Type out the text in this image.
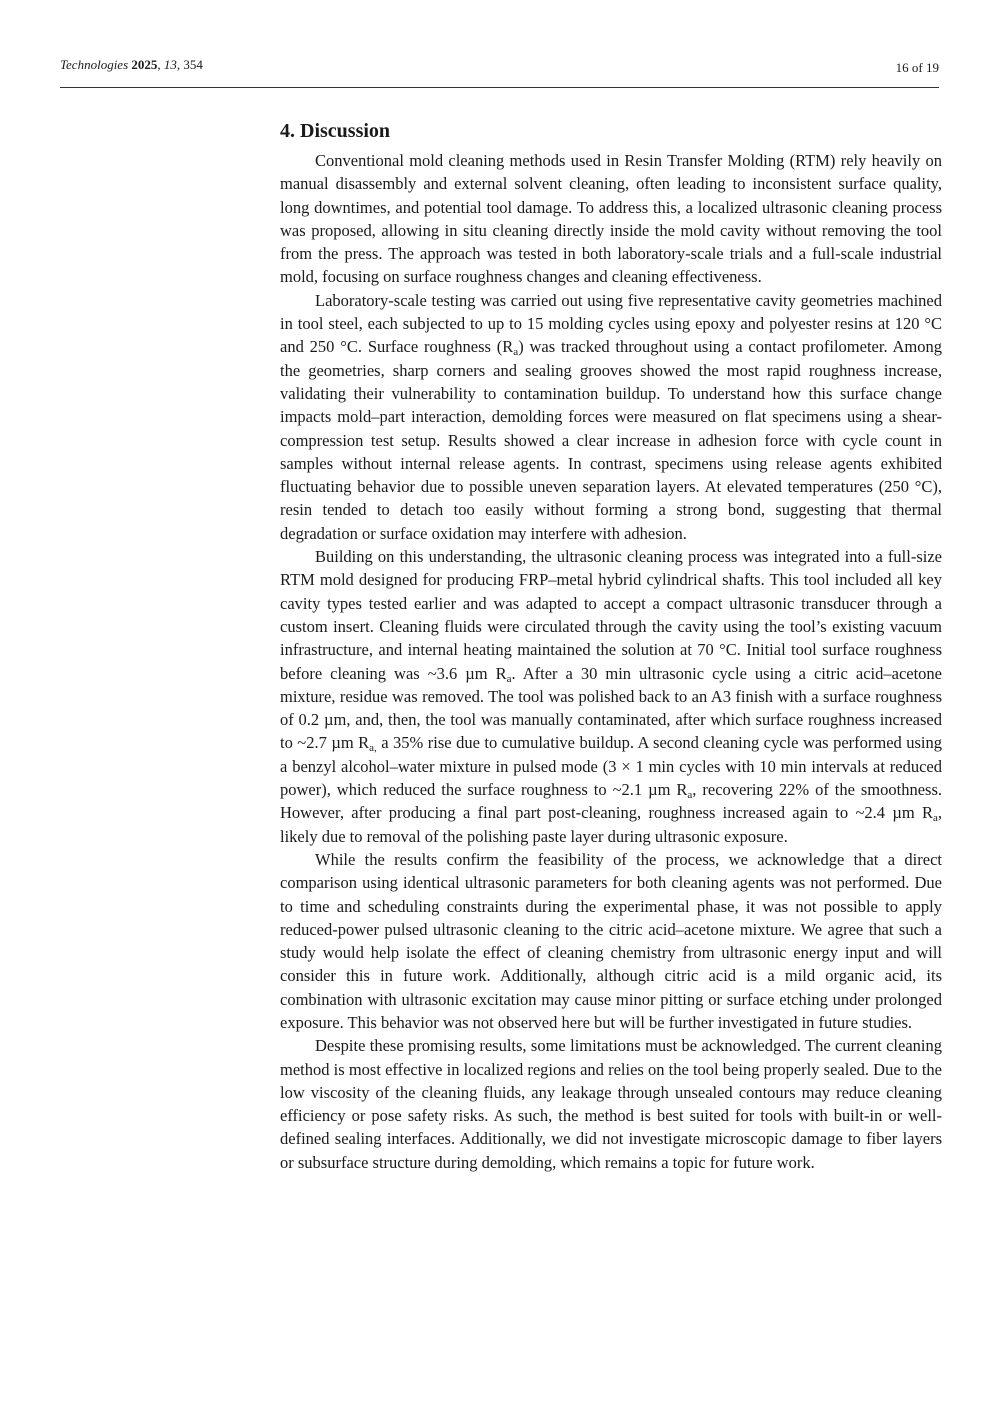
Technologies 2025, 13, 354	16 of 19
4. Discussion

Conventional mold cleaning methods used in Resin Transfer Molding (RTM) rely heavily on manual disassembly and external solvent cleaning, often leading to inconsistent surface quality, long downtimes, and potential tool damage. To address this, a localized ultrasonic cleaning process was proposed, allowing in situ cleaning directly inside the mold cavity without removing the tool from the press. The approach was tested in both laboratory-scale trials and a full-scale industrial mold, focusing on surface roughness changes and cleaning effectiveness.

Laboratory-scale testing was carried out using five representative cavity geometries machined in tool steel, each subjected to up to 15 molding cycles using epoxy and polyester resins at 120 °C and 250 °C. Surface roughness $(R_a)$ was tracked throughout using a contact profilometer. Among the geometries, sharp corners and sealing grooves showed the most rapid roughness increase, validating their vulnerability to contamination buildup. To understand how this surface change impacts mold–part interaction, demolding forces were measured on flat specimens using a shear-compression test setup. Results showed a clear increase in adhesion force with cycle count in samples without internal release agents. In contrast, specimens using release agents exhibited fluctuating behavior due to possible uneven separation layers. At elevated temperatures (250 °C), resin tended to detach too easily without forming a strong bond, suggesting that thermal degradation or surface oxidation may interfere with adhesion.

Building on this understanding, the ultrasonic cleaning process was integrated into a full-size RTM mold designed for producing FRP–metal hybrid cylindrical shafts. This tool included all key cavity types tested earlier and was adapted to accept a compact ultrasonic transducer through a custom insert. Cleaning fluids were circulated through the cavity using the tool’s existing vacuum infrastructure, and internal heating maintained the solution at 70 °C. Initial tool surface roughness before cleaning was ~3.6 µm $R_a$. After a 30 min ultrasonic cycle using a citric acid–acetone mixture, residue was removed. The tool was polished back to an A3 finish with a surface roughness of 0.2 µm, and, then, the tool was manually contaminated, after which surface roughness increased to ~2.7 µm $R_{a,}$ a 35% rise due to cumulative buildup. A second cleaning cycle was performed using a benzyl alcohol–water mixture in pulsed mode (3 × 1 min cycles with 10 min intervals at reduced power), which reduced the surface roughness to ~2.1 µm $R_a$, recovering 22% of the smoothness. However, after producing a final part post-cleaning, roughness increased again to ~2.4 µm $R_a$, likely due to removal of the polishing paste layer during ultrasonic exposure.

While the results confirm the feasibility of the process, we acknowledge that a direct comparison using identical ultrasonic parameters for both cleaning agents was not performed. Due to time and scheduling constraints during the experimental phase, it was not possible to apply reduced-power pulsed ultrasonic cleaning to the citric acid–acetone mixture. We agree that such a study would help isolate the effect of cleaning chemistry from ultrasonic energy input and will consider this in future work. Additionally, although citric acid is a mild organic acid, its combination with ultrasonic excitation may cause minor pitting or surface etching under prolonged exposure. This behavior was not observed here but will be further investigated in future studies.

Despite these promising results, some limitations must be acknowledged. The current cleaning method is most effective in localized regions and relies on the tool being properly sealed. Due to the low viscosity of the cleaning fluids, any leakage through unsealed contours may reduce cleaning efficiency or pose safety risks. As such, the method is best suited for tools with built-in or well-defined sealing interfaces. Additionally, we did not investigate microscopic damage to fiber layers or subsurface structure during demolding, which remains a topic for future work.
